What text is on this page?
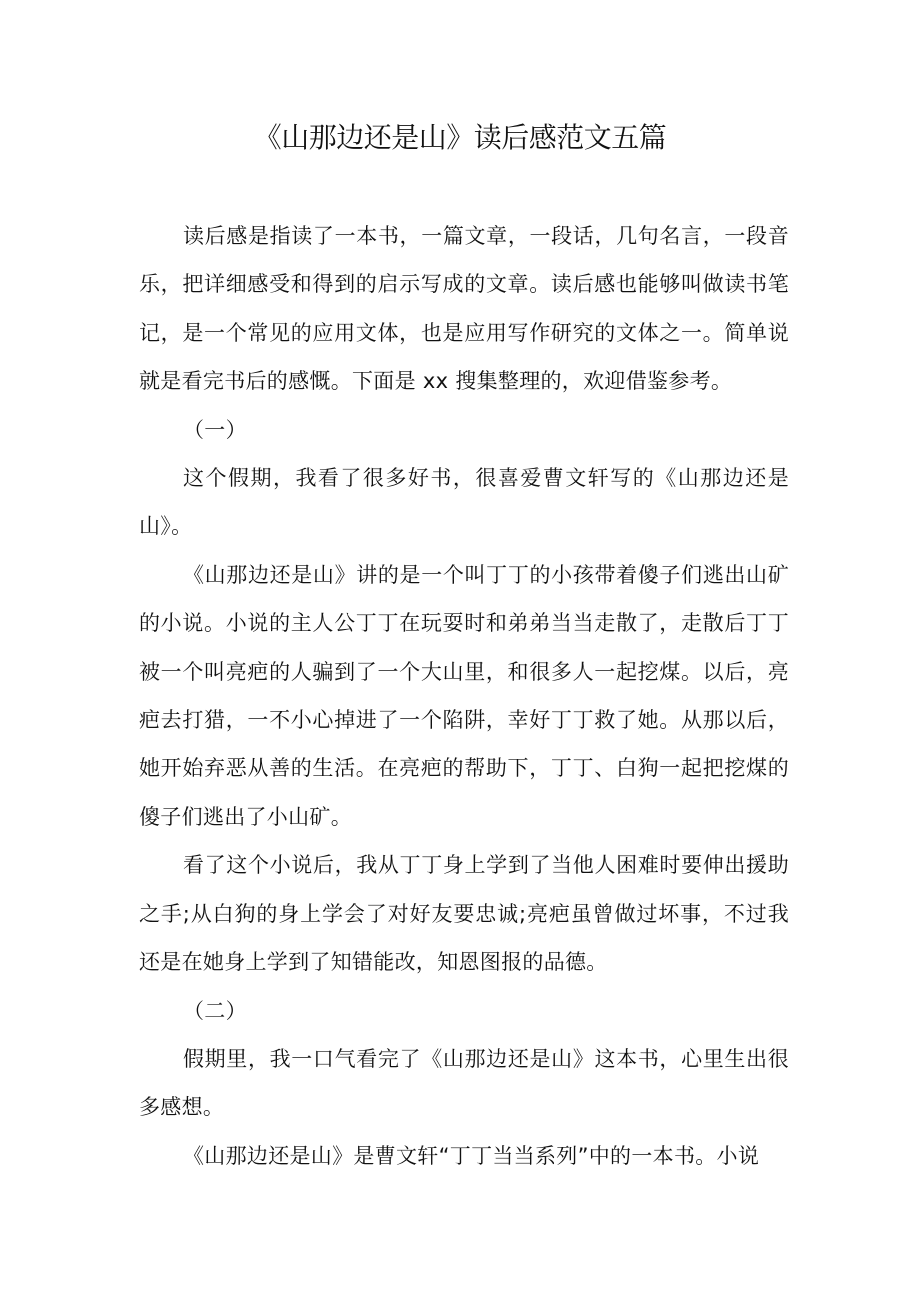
《山那边还是山》读后感范文五篇

读后感是指读了一本书，一篇文章，一段话，几句名言，一段音乐，把详细感受和得到的启示写成的文章。读后感也能够叫做读书笔记，是一个常见的应用文体，也是应用写作研究的文体之一。简单说就是看完书后的感慨。下面是 xx 搜集整理的，欢迎借鉴参考。

（一）

这个假期，我看了很多好书，很喜爱曹文轩写的《山那边还是山》。

《山那边还是山》讲的是一个叫丁丁的小孩带着傻子们逃出山矿的小说。小说的主人公丁丁在玩耍时和弟弟当当走散了，走散后丁丁被一个叫亮疤的人骗到了一个大山里，和很多人一起挖煤。以后，亮疤去打猎，一不小心掉进了一个陷阱，幸好丁丁救了她。从那以后，她开始弃恶从善的生活。在亮疤的帮助下，丁丁、白狗一起把挖煤的傻子们逃出了小山矿。

看了这个小说后，我从丁丁身上学到了当他人困难时要伸出援助之手;从白狗的身上学会了对好友要忠诚;亮疤虽曾做过坏事，不过我还是在她身上学到了知错能改，知恩图报的品德。

（二）

假期里，我一口气看完了《山那边还是山》这本书，心里生出很多感想。

《山那边还是山》是曹文轩“丁丁当当系列”中的一本书。小说
